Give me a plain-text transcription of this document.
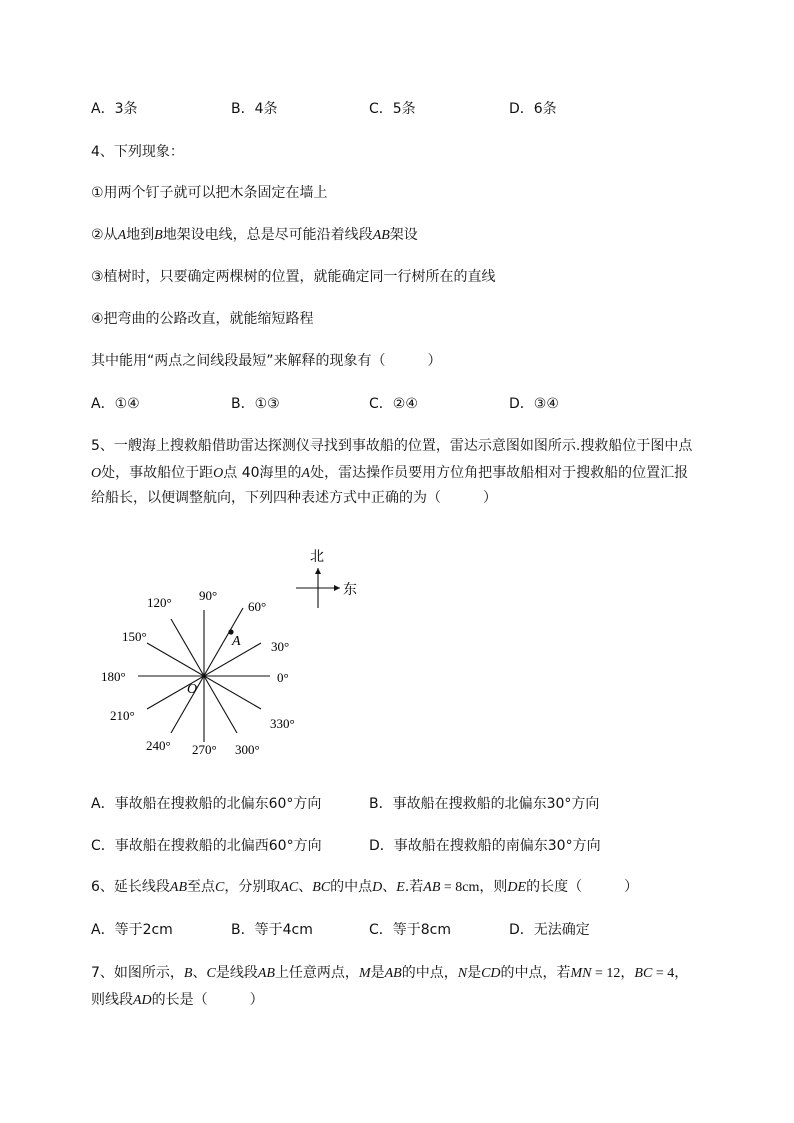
A．3条	B．4条	C．5条	D．6条
4、下列现象：
①用两个钉子就可以把木条固定在墙上
②从A地到B地架设电线，总是尽可能沿着线段AB架设
③植树时，只要确定两棵树的位置，就能确定同一行树所在的直线
④把弯曲的公路改直，就能缩短路程
其中能用“两点之间线段最短”来解释的现象有（　　　）
A．①④	B．①③	C．②④	D．③④
5、一艘海上搜救船借助雷达探测仪寻找到事故船的位置，雷达示意图如图所示.搜救船位于图中点
O处，事故船位于距O点 40海里的A处，雷达操作员要用方位角把事故船相对于搜救船的位置汇报
给船长，以便调整航向，下列四种表述方式中正确的为（　　　）
北
东
0°
30°
60°
90°
120°
150°
180°
210°
240° 270° 300°
330°
O
A
A．事故船在搜救船的北偏东60°方向	B．事故船在搜救船的北偏东30°方向
C．事故船在搜救船的北偏西60°方向	D．事故船在搜救船的南偏东30°方向
6、延长线段AB至点C，分别取AC、BC的中点D、E.若AB = 8cm，则DE的长度（　　　）
A．等于2cm	B．等于4cm	C．等于8cm	D．无法确定
7、如图所示，B、C是线段AB上任意两点，M是AB的中点，N是CD的中点，若MN = 12，BC = 4，
则线段AD的长是（　　　）
